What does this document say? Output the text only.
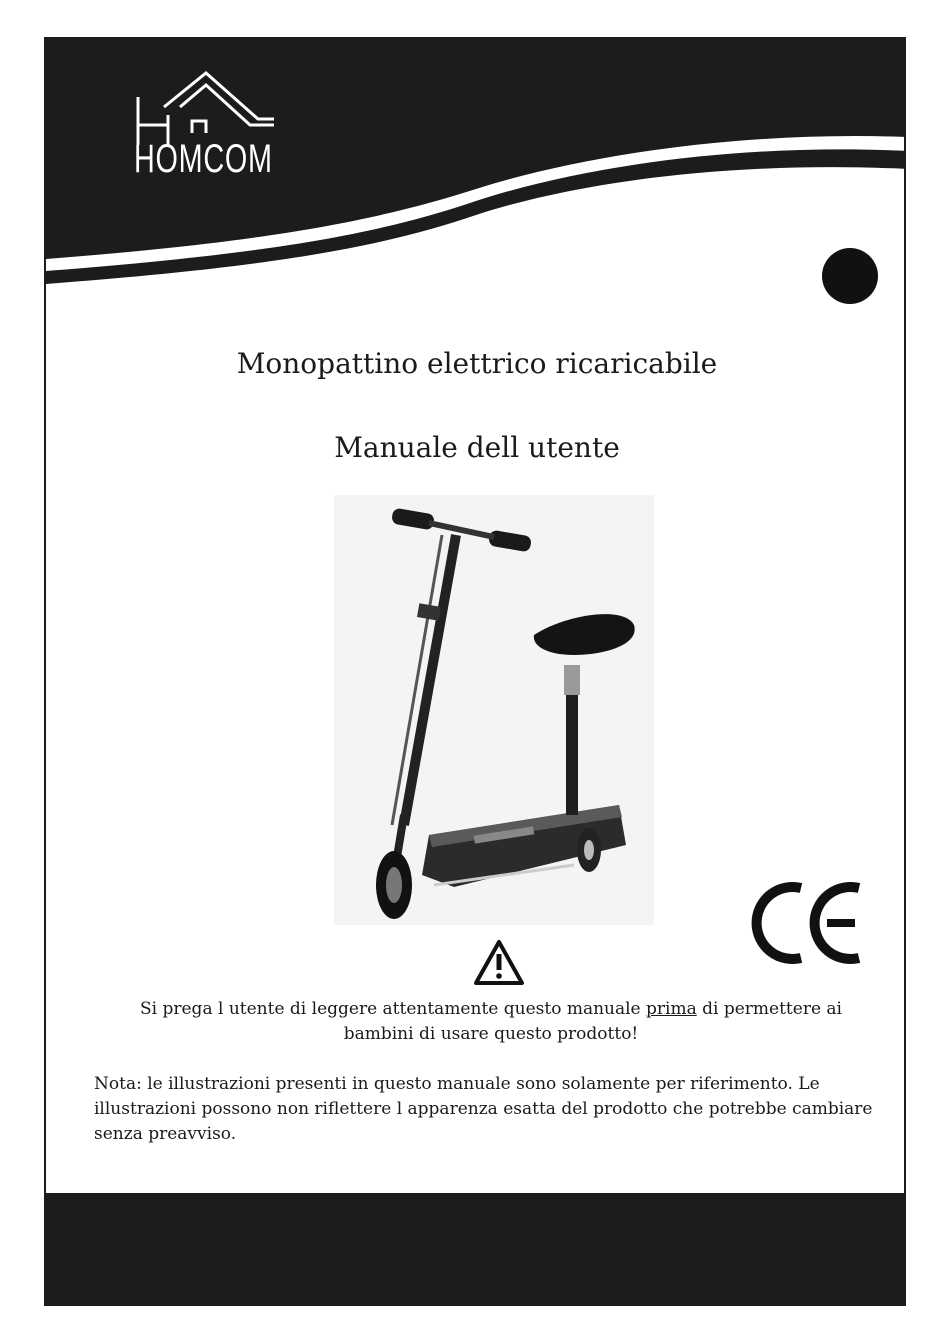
HOMCOM
Monopattino elettrico ricaricabile
Manuale dell utente
Si prega l utente di leggere attentamente questo manuale prima di permettere ai bambini di usare questo prodotto!
Nota: le illustrazioni presenti in questo manuale sono solamente per riferimento. Le illustrazioni possono non riflettere l apparenza esatta del prodotto che potrebbe cambiare senza preavviso.
